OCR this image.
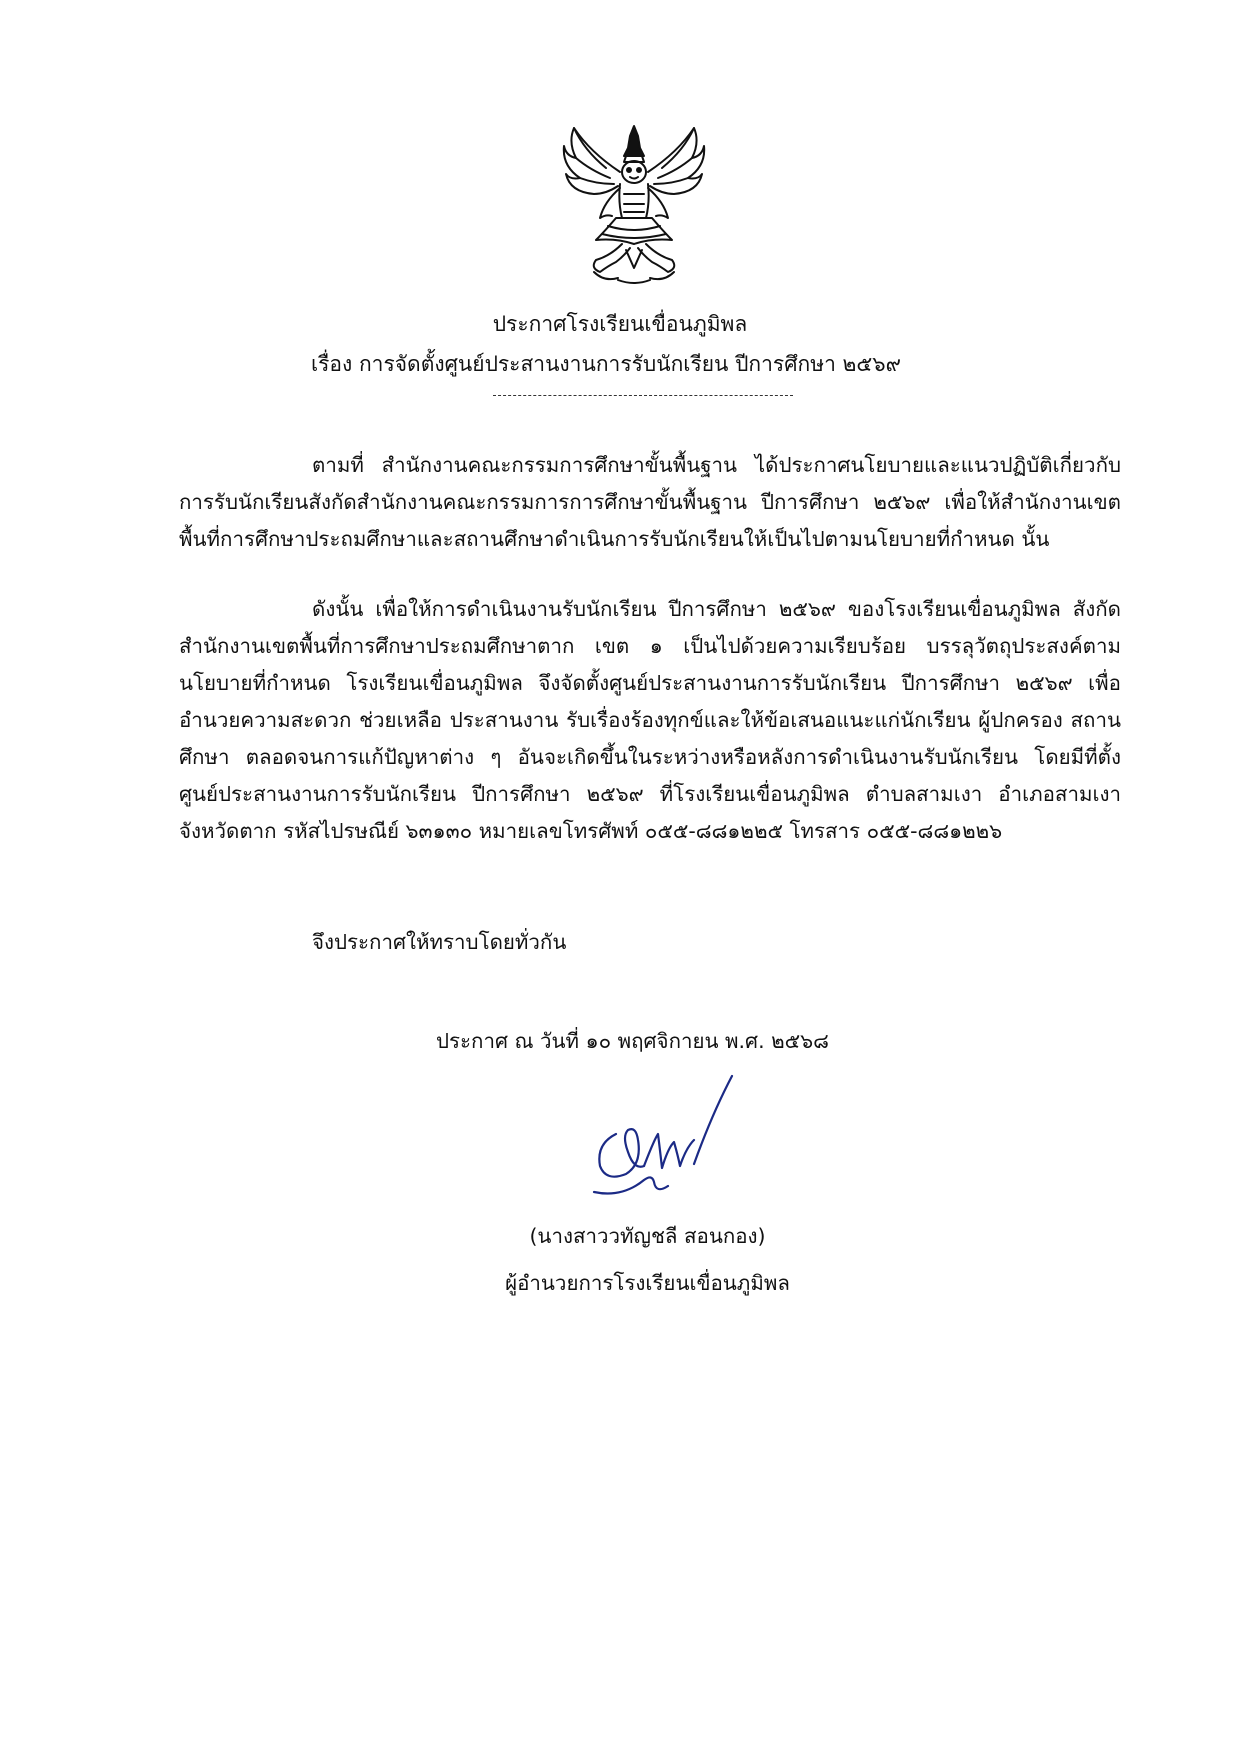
ประกาศโรงเรียนเขื่อนภูมิพล
เรื่อง การจัดตั้งศูนย์ประสานงานการรับนักเรียน ปีการศึกษา ๒๕๖๙

ตามที่ สำนักงานคณะกรรมการศึกษาขั้นพื้นฐาน ได้ประกาศนโยบายและแนวปฏิบัติเกี่ยวกับการรับนักเรียนสังกัดสำนักงานคณะกรรมการการศึกษาขั้นพื้นฐาน ปีการศึกษา ๒๕๖๙ เพื่อให้สำนักงานเขตพื้นที่การศึกษาประถมศึกษาและสถานศึกษาดำเนินการรับนักเรียนให้เป็นไปตามนโยบายที่กำหนด นั้น

ดังนั้น เพื่อให้การดำเนินงานรับนักเรียน ปีการศึกษา ๒๕๖๙ ของโรงเรียนเขื่อนภูมิพล สังกัดสำนักงานเขตพื้นที่การศึกษาประถมศึกษาตาก เขต ๑ เป็นไปด้วยความเรียบร้อย บรรลุวัตถุประสงค์ตามนโยบายที่กำหนด โรงเรียนเขื่อนภูมิพล จึงจัดตั้งศูนย์ประสานงานการรับนักเรียน ปีการศึกษา ๒๕๖๙ เพื่ออำนวยความสะดวก ช่วยเหลือ ประสานงาน รับเรื่องร้องทุกข์และให้ข้อเสนอแนะแก่นักเรียน ผู้ปกครอง สถานศึกษา ตลอดจนการแก้ปัญหาต่าง ๆ อันจะเกิดขึ้นในระหว่างหรือหลังการดำเนินงานรับนักเรียน โดยมีที่ตั้งศูนย์ประสานงานการรับนักเรียน ปีการศึกษา ๒๕๖๙ ที่โรงเรียนเขื่อนภูมิพล ตำบลสามเงา อำเภอสามเงา จังหวัดตาก รหัสไปรษณีย์ ๖๓๑๓๐ หมายเลขโทรศัพท์ ๐๕๕-๘๘๑๒๒๕ โทรสาร ๐๕๕-๘๘๑๒๒๖

จึงประกาศให้ทราบโดยทั่วกัน
ประกาศ ณ วันที่ ๑๐ พฤศจิกายน พ.ศ. ๒๕๖๘
(นางสาววทัญชลี สอนกอง)
ผู้อำนวยการโรงเรียนเขื่อนภูมิพล
